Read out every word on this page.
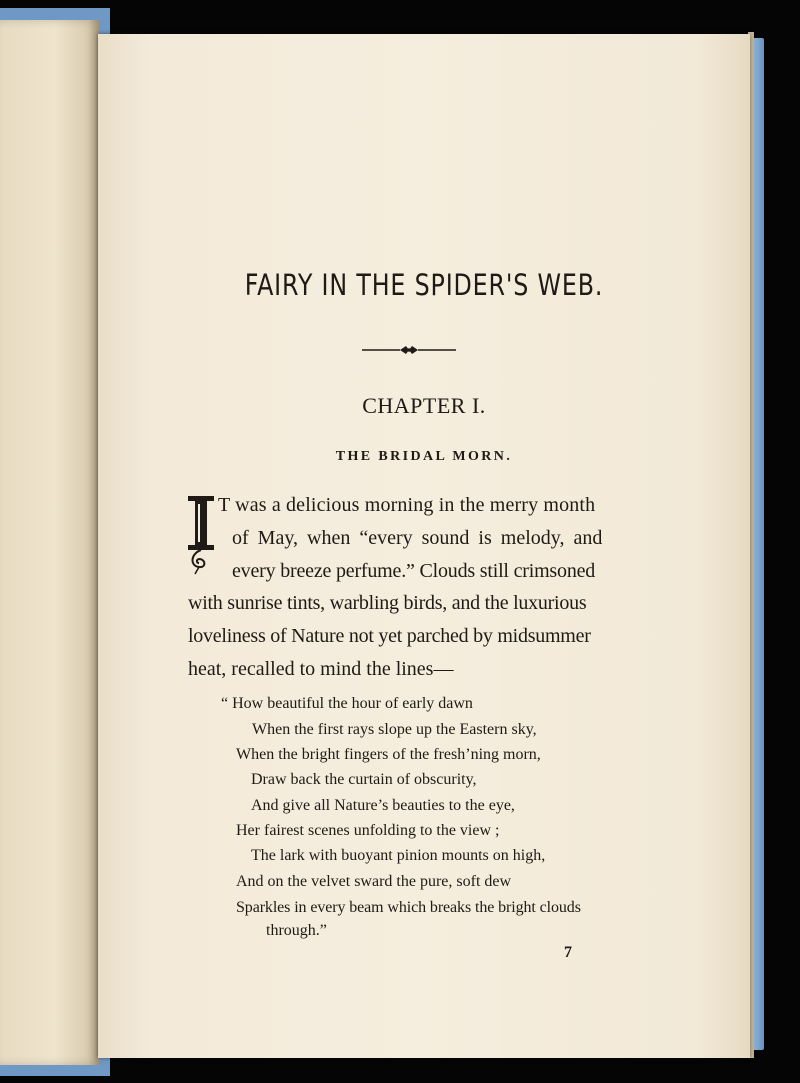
FAIRY IN THE SPIDER'S WEB.
CHAPTER I.
THE BRIDAL MORN.

T was a delicious morning in the merry month

of May, when “every sound is melody, and

every breeze perfume.” Clouds still crimsoned

with sunrise tints, warbling birds, and the luxurious

loveliness of Nature not yet parched by midsummer

heat, recalled to mind the lines—

“ How beautiful the hour of early dawn

When the first rays slope up the Eastern sky,

When the bright fingers of the fresh’ning morn,

Draw back the curtain of obscurity,

And give all Nature’s beauties to the eye,

Her fairest scenes unfolding to the view ;

The lark with buoyant pinion mounts on high,

And on the velvet sward the pure, soft dew

Sparkles in every beam which breaks the bright clouds

through.”

7
